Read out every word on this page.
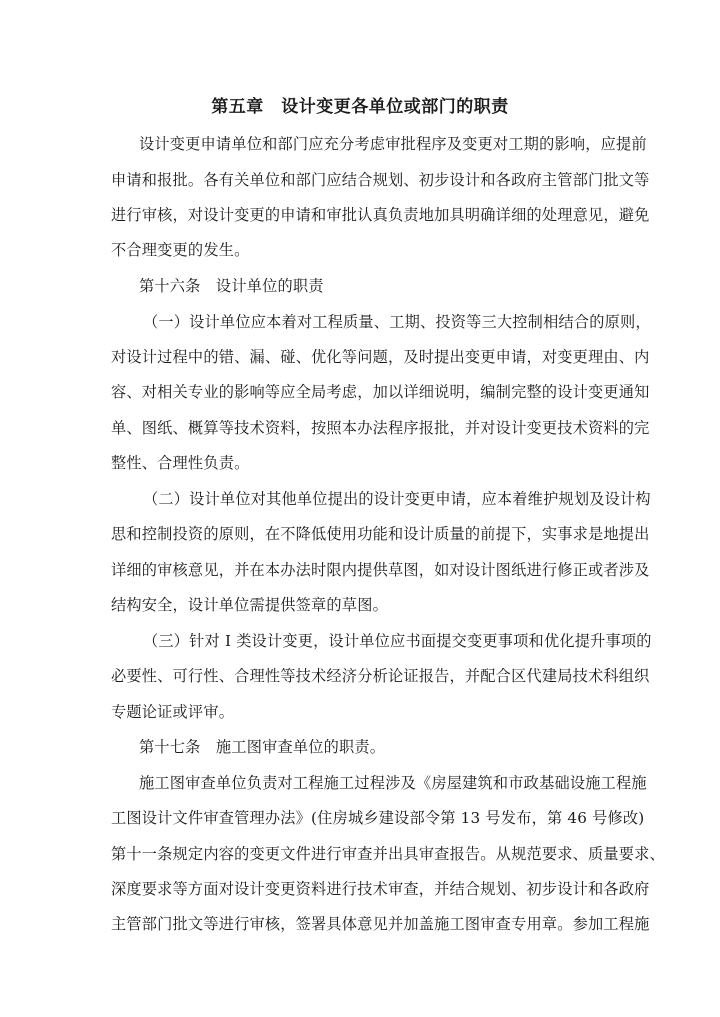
第五章　设计变更各单位或部门的职责
设计变更申请单位和部门应充分考虑审批程序及变更对工期的影响，应提前
申请和报批。各有关单位和部门应结合规划、初步设计和各政府主管部门批文等
进行审核，对设计变更的申请和审批认真负责地加具明确详细的处理意见，避免
不合理变更的发生。
第十六条　设计单位的职责
（一）设计单位应本着对工程质量、工期、投资等三大控制相结合的原则，
对设计过程中的错、漏、碰、优化等问题，及时提出变更申请，对变更理由、内
容、对相关专业的影响等应全局考虑，加以详细说明，编制完整的设计变更通知
单、图纸、概算等技术资料，按照本办法程序报批，并对设计变更技术资料的完
整性、合理性负责。
（二）设计单位对其他单位提出的设计变更申请，应本着维护规划及设计构
思和控制投资的原则，在不降低使用功能和设计质量的前提下，实事求是地提出
详细的审核意见，并在本办法时限内提供草图，如对设计图纸进行修正或者涉及
结构安全，设计单位需提供签章的草图。
（三）针对 I 类设计变更，设计单位应书面提交变更事项和优化提升事项的
必要性、可行性、合理性等技术经济分析论证报告，并配合区代建局技术科组织
专题论证或评审。
第十七条　施工图审查单位的职责。
施工图审查单位负责对工程施工过程涉及《房屋建筑和市政基础设施工程施
工图设计文件审查管理办法》(住房城乡建设部令第 13 号发布，第 46 号修改)
第十一条规定内容的变更文件进行审查并出具审查报告。从规范要求、质量要求、
深度要求等方面对设计变更资料进行技术审查，并结合规划、初步设计和各政府
主管部门批文等进行审核，签署具体意见并加盖施工图审查专用章。参加工程施
